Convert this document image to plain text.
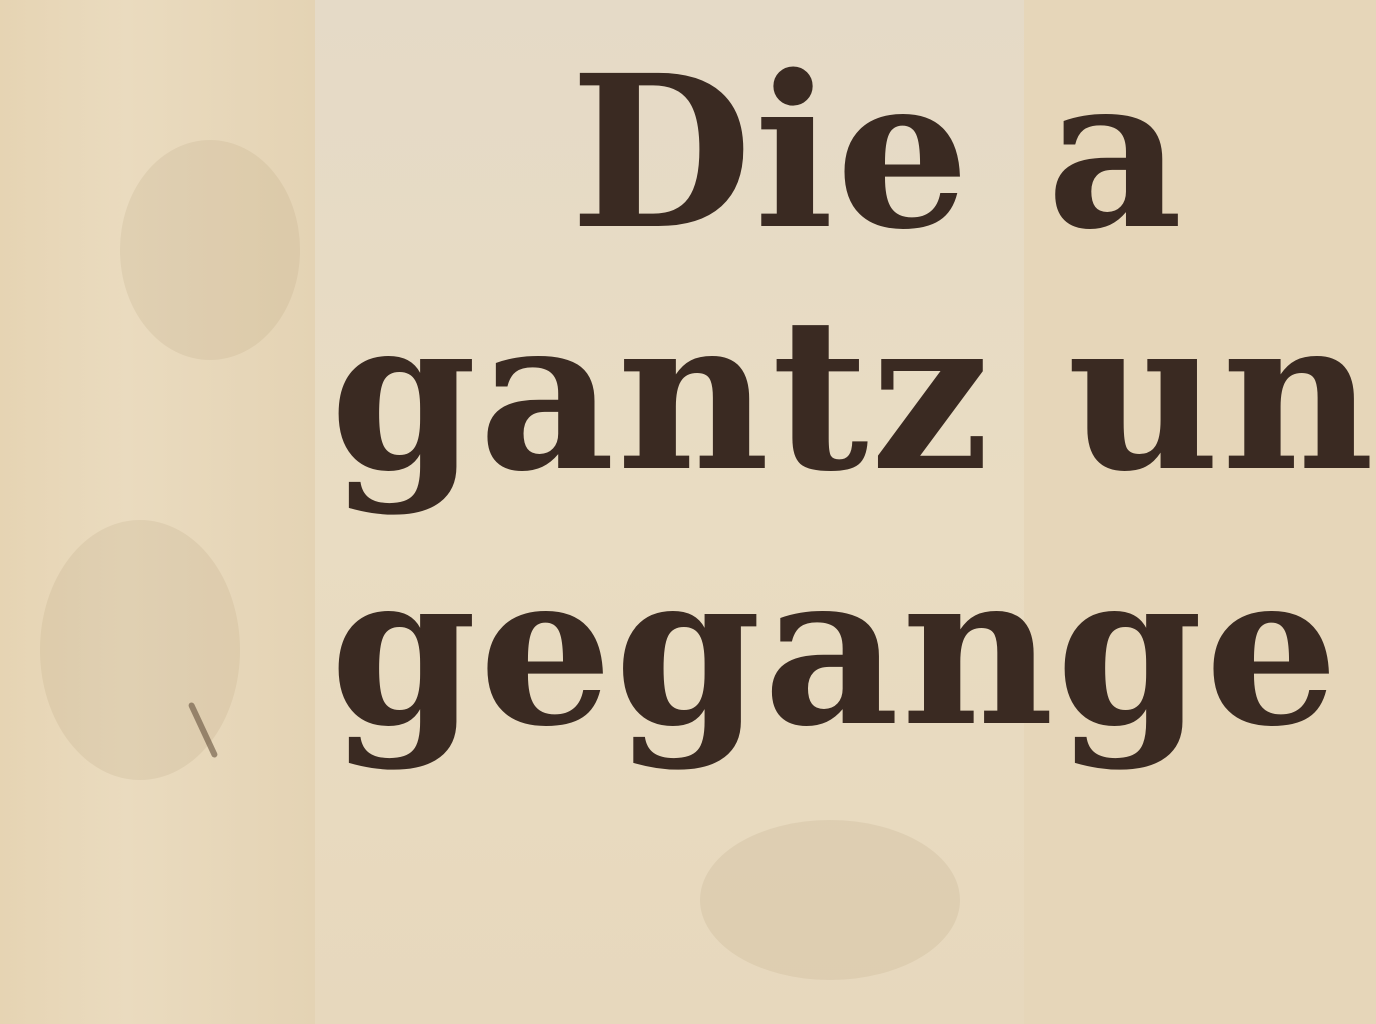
Die a
gantz un
gegange
